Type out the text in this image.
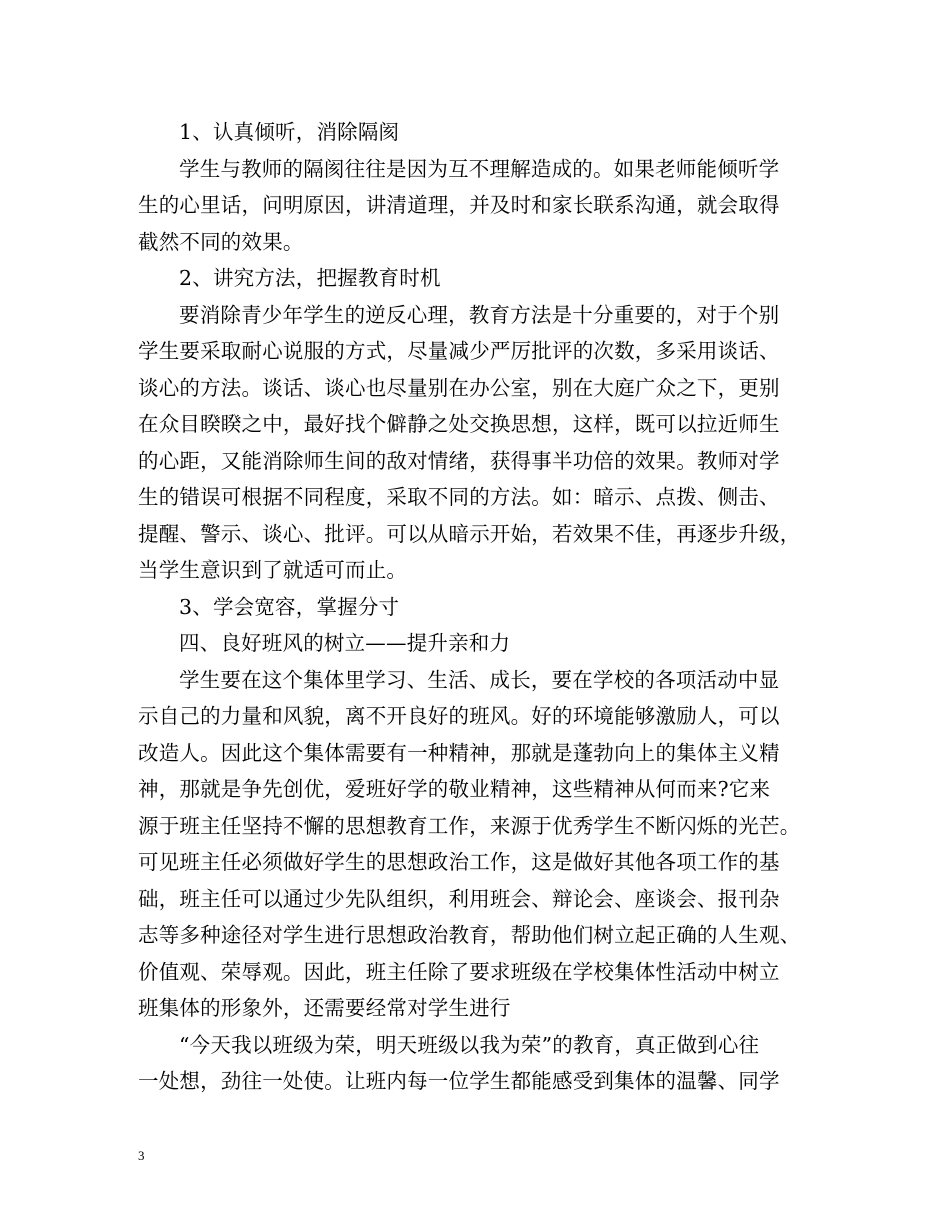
1、认真倾听，消除隔阂
学生与教师的隔阂往往是因为互不理解造成的。如果老师能倾听学
生的心里话，问明原因，讲清道理，并及时和家长联系沟通，就会取得
截然不同的效果。
2、讲究方法，把握教育时机
要消除青少年学生的逆反心理，教育方法是十分重要的，对于个别
学生要采取耐心说服的方式，尽量减少严厉批评的次数，多采用谈话、
谈心的方法。谈话、谈心也尽量别在办公室，别在大庭广众之下，更别
在众目睽睽之中，最好找个僻静之处交换思想，这样，既可以拉近师生
的心距，又能消除师生间的敌对情绪，获得事半功倍的效果。教师对学
生的错误可根据不同程度，采取不同的方法。如：暗示、点拨、侧击、
提醒、警示、谈心、批评。可以从暗示开始，若效果不佳，再逐步升级，
当学生意识到了就适可而止。
3、学会宽容，掌握分寸
四、良好班风的树立——提升亲和力
学生要在这个集体里学习、生活、成长，要在学校的各项活动中显
示自己的力量和风貌，离不开良好的班风。好的环境能够激励人，可以
改造人。因此这个集体需要有一种精神，那就是蓬勃向上的集体主义精
神，那就是争先创优，爱班好学的敬业精神，这些精神从何而来?它来
源于班主任坚持不懈的思想教育工作，来源于优秀学生不断闪烁的光芒。
可见班主任必须做好学生的思想政治工作，这是做好其他各项工作的基
础，班主任可以通过少先队组织，利用班会、辩论会、座谈会、报刊杂
志等多种途径对学生进行思想政治教育，帮助他们树立起正确的人生观、
价值观、荣辱观。因此，班主任除了要求班级在学校集体性活动中树立
班集体的形象外，还需要经常对学生进行
“今天我以班级为荣，明天班级以我为荣”的教育，真正做到心往
一处想，劲往一处使。让班内每一位学生都能感受到集体的温馨、同学
3
